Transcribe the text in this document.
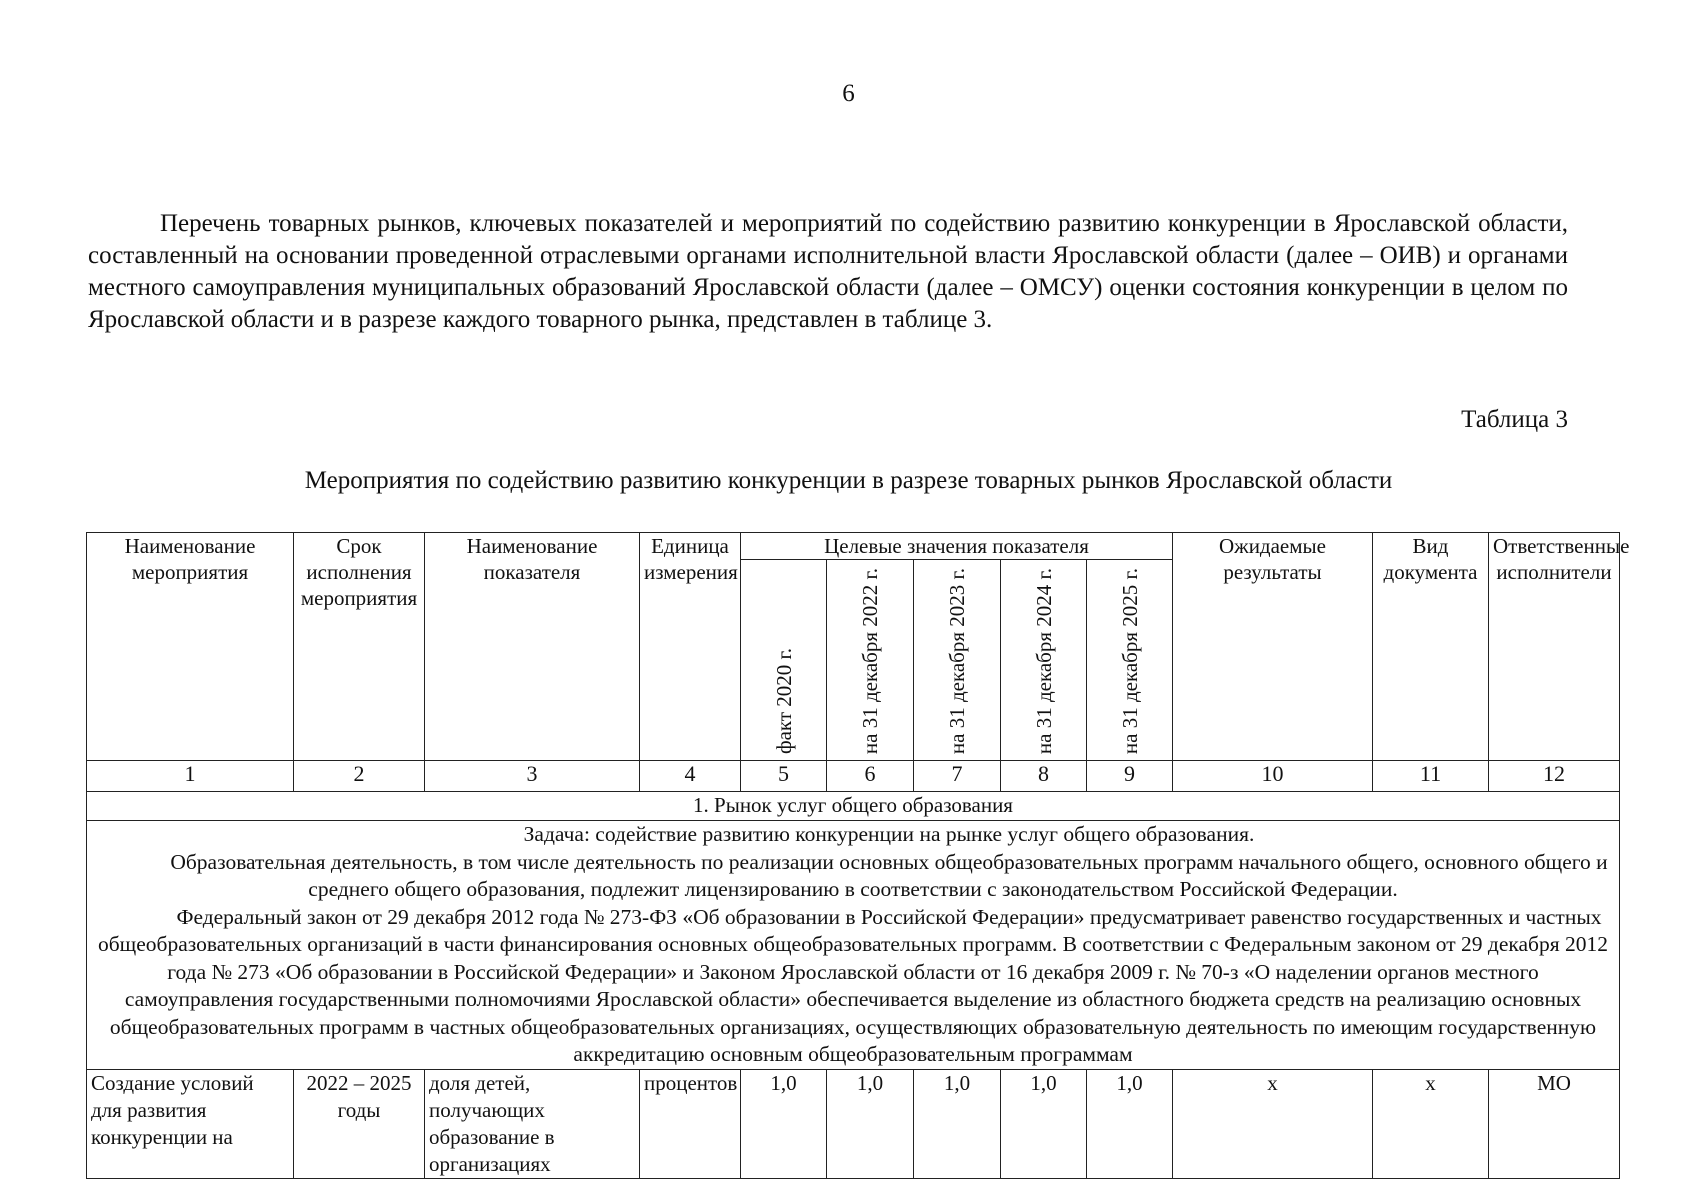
6

Перечень товарных рынков, ключевых показателей и мероприятий по содействию развитию конкуренции в Ярославской области, составленный на основании проведенной отраслевыми органами исполнительной власти Ярославской области (далее – ОИВ) и органами местного самоуправления муниципальных образований Ярославской области (далее – ОМСУ) оценки состояния конкуренции в целом по Ярославской области и в разрезе каждого товарного рынка, представлен в таблице 3.

Таблица 3
Мероприятия по содействию развитию конкуренции в разрезе товарных рынков Ярославской области
Наименование мероприятия	Срок исполнения мероприятия	Наименование показателя	Единица измерения	Целевые значения показателя					Ожидаемые результаты	Вид документа	Ответственные исполнители
				факт 2020 г.	на 31 декабря 2022 г.	на 31 декабря 2023 г.	на 31 декабря 2024 г.	на 31 декабря 2025 г.			
1	2	3	4	5	6	7	8	9	10	11	12
1. Рынок услуг общего образования											

Задача: содействие развитию конкуренции на рынке услуг общего образования.

Образовательная деятельность, в том числе деятельность по реализации основных общеобразовательных программ начального общего, основного общего и среднего общего образования, подлежит лицензированию в соответствии с законодательством Российской Федерации.

Федеральный закон от 29 декабря 2012 года № 273-ФЗ «Об образовании в Российской Федерации» предусматривает равенство государственных и частных общеобразовательных организаций в части финансирования основных общеобразовательных программ. В соответствии с Федеральным законом от 29 декабря 2012 года № 273 «Об образовании в Российской Федерации» и Законом Ярославской области от 16 декабря 2009 г. № 70-з «О наделении органов местного самоуправления государственными полномочиями Ярославской области» обеспечивается выделение из областного бюджета средств на реализацию основных общеобразовательных программ в частных общеобразовательных организациях, осуществляющих образовательную деятельность по имеющим государственную аккредитацию основным общеобразовательным программам											

Создание условий для развития конкуренции на	2022 – 2025 годы	доля детей, получающих образование в организациях	процентов	1,0	1,0	1,0	1,0	1,0	х	х	МО
